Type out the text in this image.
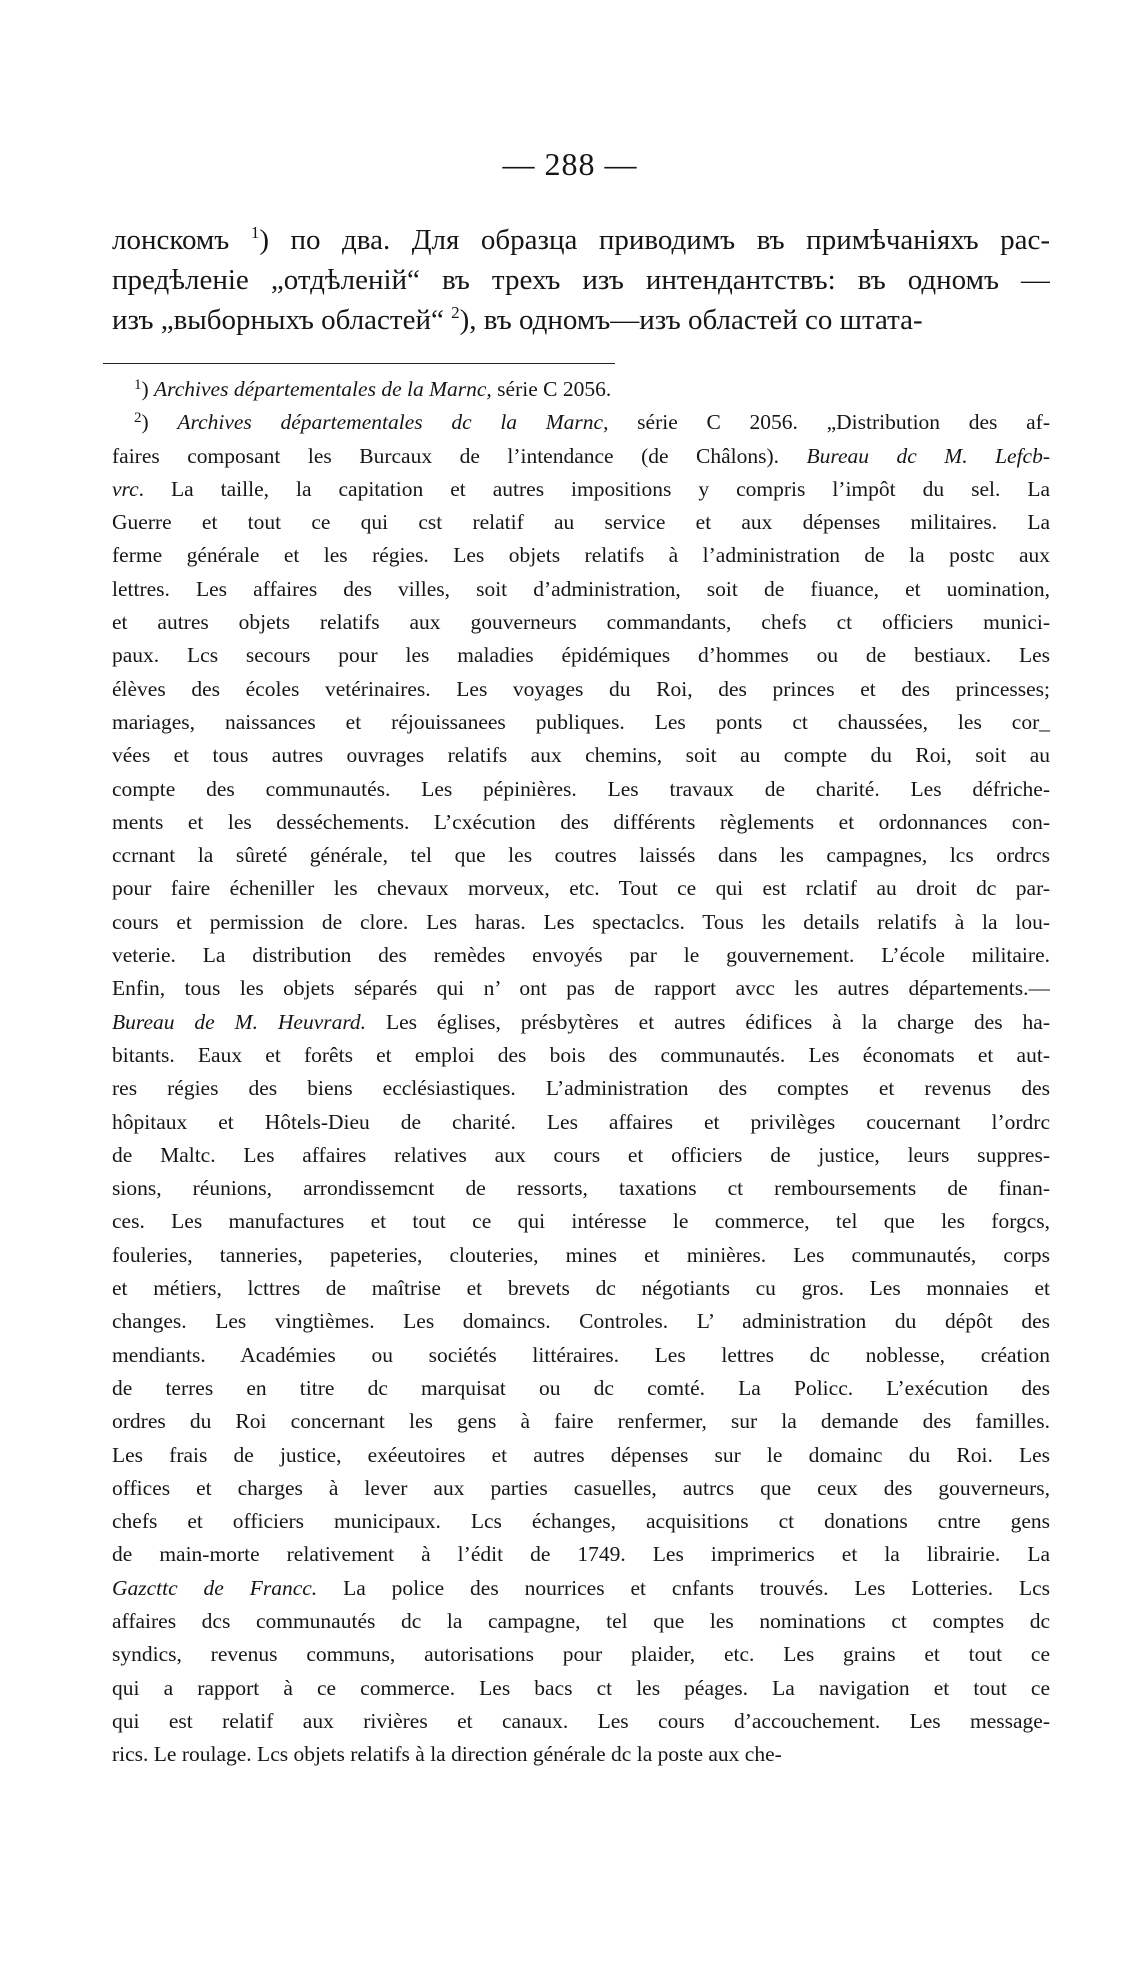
— 288 —
лонскомъ $^1$) по два. Для образца приводимъ въ примѣчаніяхъ рас-
предѣленіе „отдѣленій“ въ трехъ изъ интендантствъ: въ одномъ —
изъ „выборныхъ областей“ $^2$), въ одномъ—изъ областей со штата-
$^1$) Archives départementales de la Marnc, série C 2056.
$^2$) Archives départementales dc la Marnc, série C 2056. „Distribution des af-
faires composant les Burcaux de l’intendance (de Châlons). Bureau dc M. Lefcb-
vrc. La taille, la capitation et autres impositions y compris l’impôt du sel. La
Guerre et tout ce qui cst relatif au service et aux dépenses militaires. La
ferme générale et les régies. Les objets relatifs à l’administration de la postc aux
lettres. Les affaires des villes, soit d’administration, soit de fiuance, et uomination,
et autres objets relatifs aux gouverneurs commandants, chefs ct officiers munici-
paux. Lcs secours pour les maladies épidémiques d’hommes ou de bestiaux. Les
élèves des écoles vetérinaires. Les voyages du Roi, des princes et des princesses;
mariages, naissances et réjouissanees publiques. Les ponts ct chaussées, les cor_
vées et tous autres ouvrages relatifs aux chemins, soit au compte du Roi, soit au
compte des communautés. Les pépinières. Les travaux de charité. Les défriche-
ments et les desséchements. L’cxécution des différents règlements et ordonnances con-
ccrnant la sûreté générale, tel que les coutres laissés dans les campagnes, lcs ordrcs
pour faire écheniller les chevaux morveux, etc. Tout ce qui est rclatif au droit dc par-
cours et permission de clore. Les haras. Les spectaclcs. Tous les details relatifs à la lou-
veterie. La distribution des remèdes envoyés par le gouvernement. L’école militaire.
Enfin, tous les objets séparés qui n’ ont pas de rapport avcc les autres départements.—
Bureau de M. Heuvrard. Les églises, présbytères et autres édifices à la charge des ha-
bitants. Eaux et forêts et emploi des bois des communautés. Les économats et aut-
res régies des biens ecclésiastiques. L’administration des comptes et revenus des
hôpitaux et Hôtels-Dieu de charité. Les affaires et privilèges coucernant l’ordrc
de Maltc. Les affaires relatives aux cours et officiers de justice, leurs suppres-
sions, réunions, arrondissemcnt de ressorts, taxations ct remboursements de finan-
ces. Les manufactures et tout ce qui intéresse le commerce, tel que les forgcs,
fouleries, tanneries, papeteries, clouteries, mines et minières. Les communautés, corps
et métiers, lcttres de maîtrise et brevets dc négotiants cu gros. Les monnaies et
changes. Les vingtièmes. Les domaincs. Controles. L’ administration du dépôt des
mendiants. Académies ou sociétés littéraires. Les lettres dc noblesse, création
de terres en titre dc marquisat ou dc comté. La Policc. L’exécution des
ordres du Roi concernant les gens à faire renfermer, sur la demande des familles.
Les frais de justice, exéeutoires et autres dépenses sur le domainc du Roi. Les
offices et charges à lever aux parties casuelles, autrcs que ceux des gouverneurs,
chefs et officiers municipaux. Lcs échanges, acquisitions ct donations cntre gens
de main-morte relativement à l’édit de 1749. Les imprimerics et la librairie. La
Gazcttc de Francc. La police des nourrices et cnfants trouvés. Les Lotteries. Lcs
affaires dcs communautés dc la campagne, tel que les nominations ct comptes dc
syndics, revenus communs, autorisations pour plaider, etc. Les grains et tout ce
qui a rapport à ce commerce. Les bacs ct les péages. La navigation et tout ce
qui est relatif aux rivières et canaux. Les cours d’accouchement. Les message-
rics. Le roulage. Lcs objets relatifs à la direction générale dc la poste aux che-
